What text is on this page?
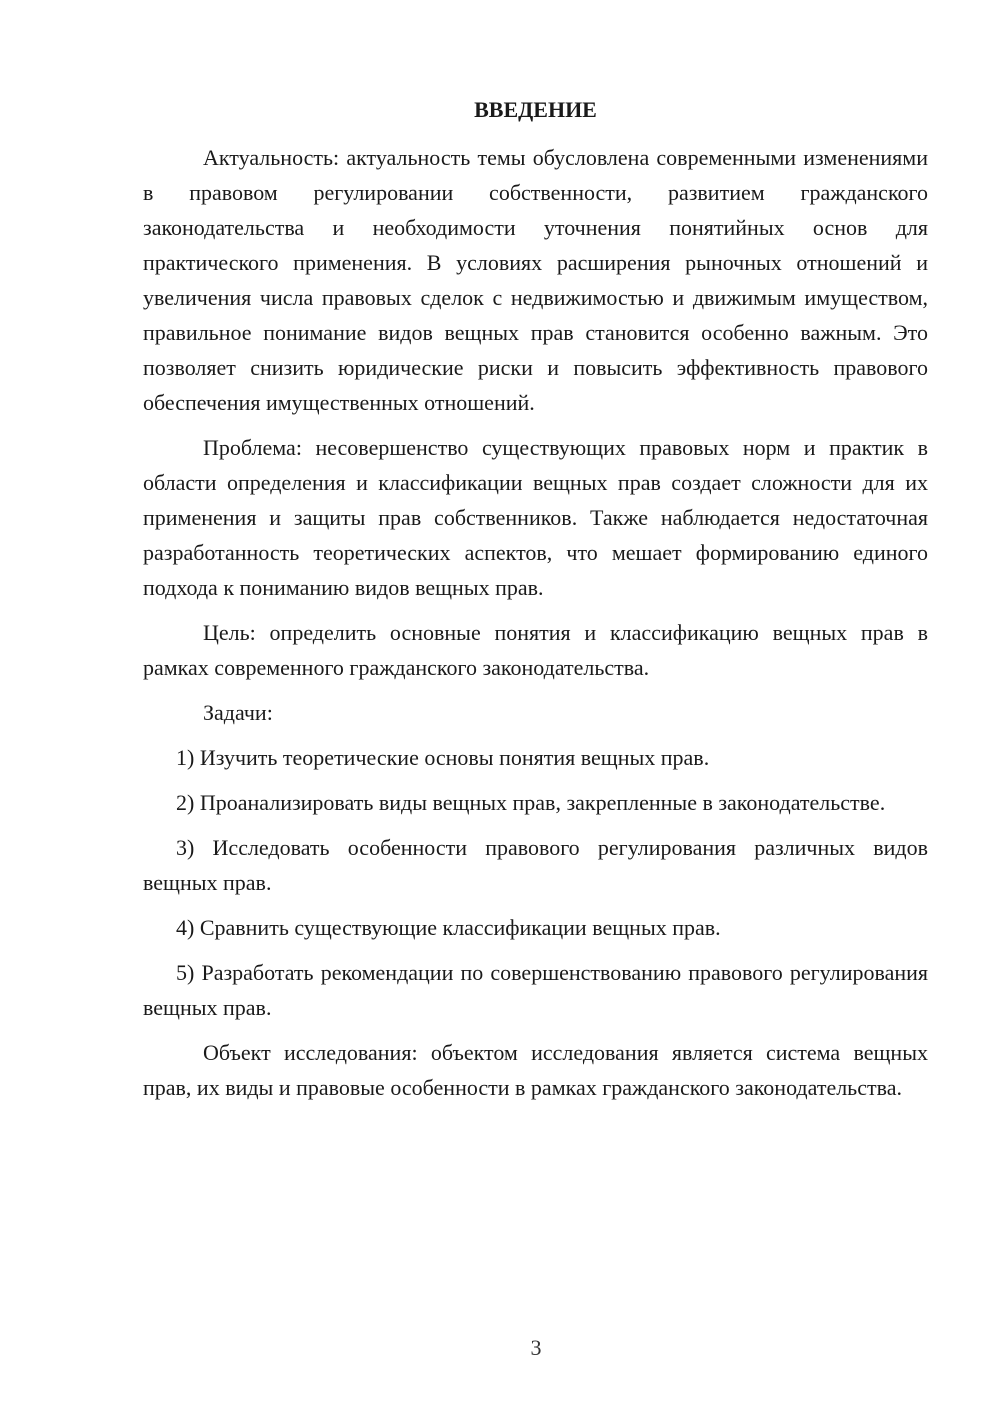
ВВЕДЕНИЕ

Актуальность: актуальность темы обусловлена современными изменениями в правовом регулировании собственности, развитием гражданского законодательства и необходимости уточнения понятийных основ для практического применения. В условиях расширения рыночных отношений и увеличения числа правовых сделок с недвижимостью и движимым имуществом, правильное понимание видов вещных прав становится особенно важным. Это позволяет снизить юридические риски и повысить эффективность правового обеспечения имущественных отношений.

Проблема: несовершенство существующих правовых норм и практик в области определения и классификации вещных прав создает сложности для их применения и защиты прав собственников. Также наблюдается недостаточная разработанность теоретических аспектов, что мешает формированию единого подхода к пониманию видов вещных прав.

Цель: определить основные понятия и классификацию вещных прав в рамках современного гражданского законодательства.

Задачи:

1) Изучить теоретические основы понятия вещных прав.

2) Проанализировать виды вещных прав, закрепленные в законодательстве.

3) Исследовать особенности правового регулирования различных видов вещных прав.

4) Сравнить существующие классификации вещных прав.

5) Разработать рекомендации по совершенствованию правового регулирования вещных прав.

Объект исследования: объектом исследования является система вещных прав, их виды и правовые особенности в рамках гражданского законодательства.

3
